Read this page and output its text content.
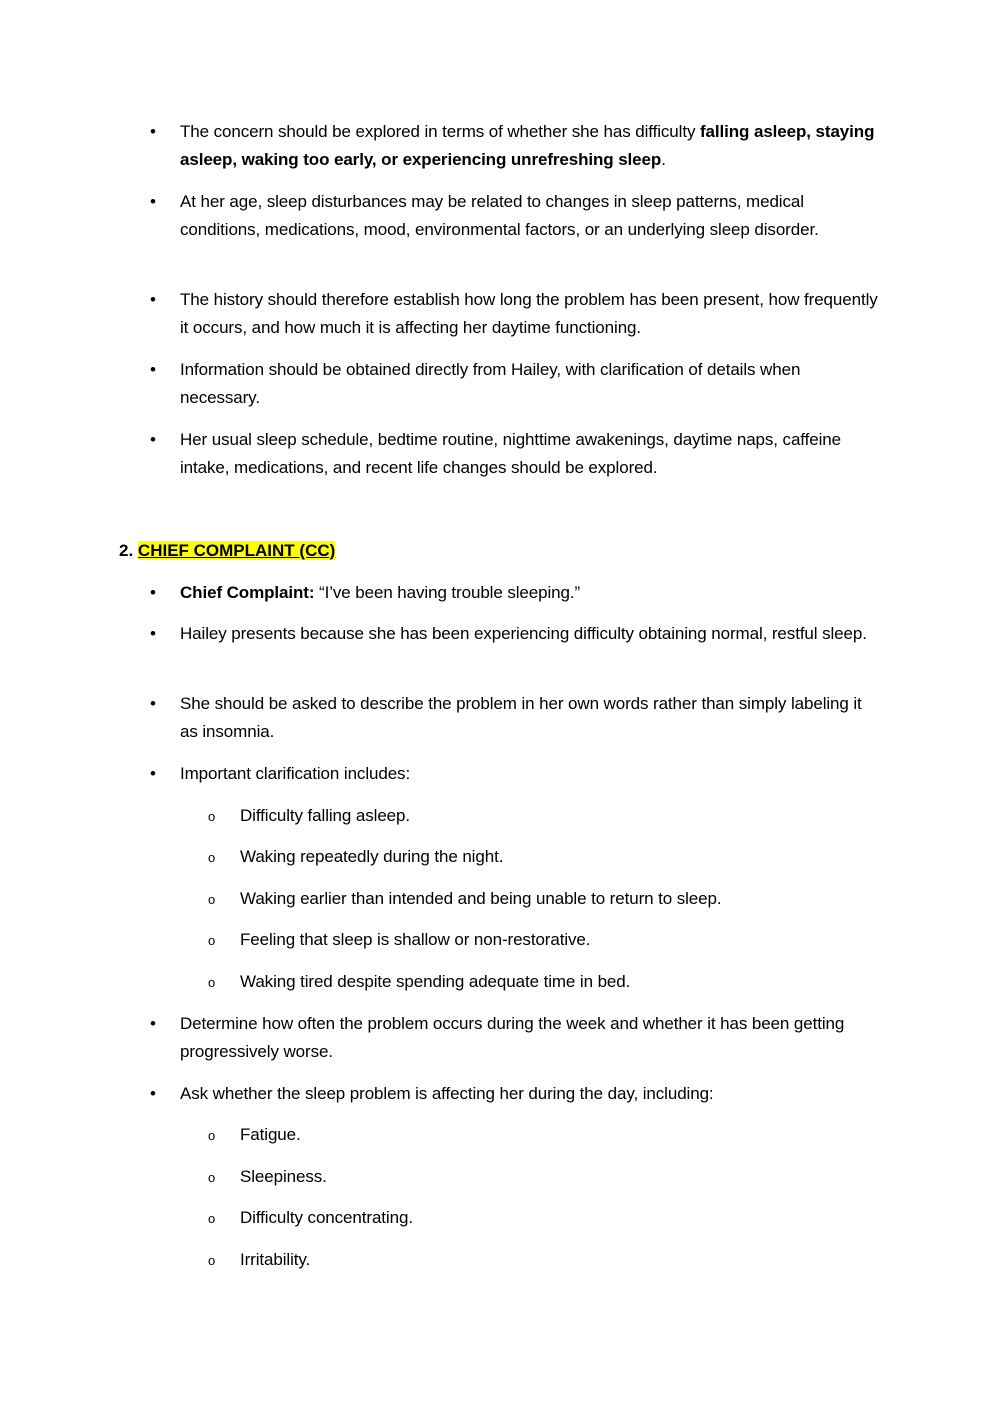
• The concern should be explored in terms of whether she has difficulty falling asleep, staying asleep, waking too early, or experiencing unrefreshing sleep.
• At her age, sleep disturbances may be related to changes in sleep patterns, medical conditions, medications, mood, environmental factors, or an underlying sleep disorder.
• The history should therefore establish how long the problem has been present, how frequently it occurs, and how much it is affecting her daytime functioning.
• Information should be obtained directly from Hailey, with clarification of details when necessary.
• Her usual sleep schedule, bedtime routine, nighttime awakenings, daytime naps, caffeine intake, medications, and recent life changes should be explored.
2. CHIEF COMPLAINT (CC)
• Chief Complaint: “I’ve been having trouble sleeping.”
• Hailey presents because she has been experiencing difficulty obtaining normal, restful sleep.
• She should be asked to describe the problem in her own words rather than simply labeling it as insomnia.
• Important clarification includes:
o Difficulty falling asleep.
o Waking repeatedly during the night.
o Waking earlier than intended and being unable to return to sleep.
o Feeling that sleep is shallow or non-restorative.
o Waking tired despite spending adequate time in bed.
• Determine how often the problem occurs during the week and whether it has been getting progressively worse.
• Ask whether the sleep problem is affecting her during the day, including:
o Fatigue.
o Sleepiness.
o Difficulty concentrating.
o Irritability.
